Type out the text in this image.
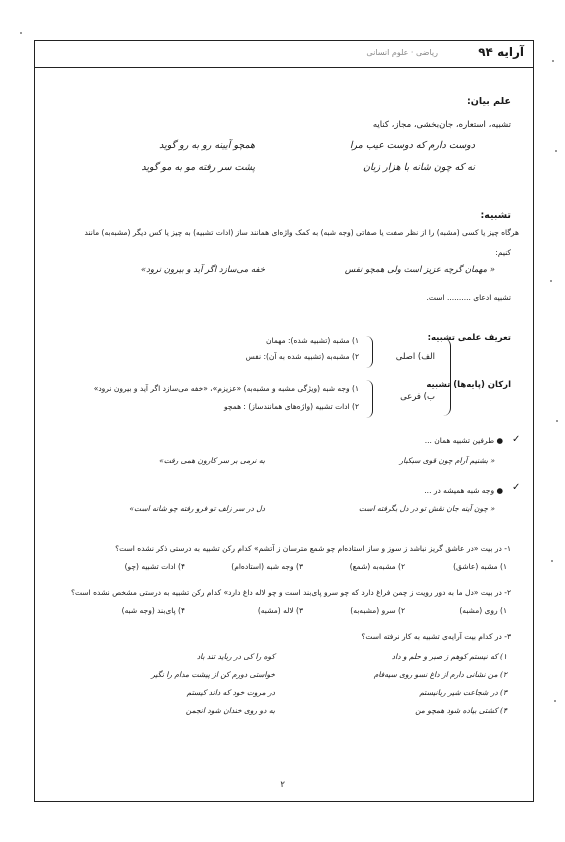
آرایه ۹۴
ریاضی · علوم انسانی
علم بیان:
تشبیه، استعاره، جان‌بخشی، مجاز، کنایه
دوست دارم که دوست عیب مرا
همچو آیینه رو به رو گوید
نه که چون شانه با هزار زبان
پشت سر رفته مو به مو گوید
تشبیه:
هرگاه چیز یا کسی (مشبه) را از نظر صفت یا صفاتی (وجه شبه) به کمک واژه‌ای همانند ساز (ادات تشبیه) به چیز یا کس دیگر (مشبه‌به) مانند
کنیم:
« مهمان گرچه عزیز است ولی همچو نفس
خفه می‌سازد اگر آید و بیرون نرود»
تشبیه ادعای .......... است.
تعریف علمی تشبیه:
ارکان (پایه‌ها) تشبیه
الف) اصلی
ب) فرعی
۱) مشبه (تشبیه شده): مهمان
۲) مشبه‌به (تشبیه شده به آن): نفس
۱) وجه شبه (ویژگی مشبه و مشبه‌به) «عزیزم»، «خفه می‌سازد اگر آید و بیرون نرود»
۲) ادات تشبیه (واژه‌های همانندساز) : همچو
✓
● طرفین تشبیه همان ...
« بشنیم آرام چون قوی سبکبار
به نرمی بر سر کارون همی رفت»
✓
● وجه شبه همیشه در ...
« چون آینه جان نقش تو در دل بگرفته است
دل در سر زلف تو فرو رفته چو شانه است»
۱- در بیت «در عاشق گریز نباشد ز سوز و ساز استاده‌ام چو شمع مترسان ز آتشم» کدام رکن تشبیه به درستی ذکر نشده است؟
۱) مشبه (عاشق)
۲) مشبه‌به (شمع)
۳) وجه شبه (استاده‌ام)
۴) ادات تشبیه (چو)
۲- در بیت «دل ما به دور رویت ز چمن فراغ دارد که چو سرو پای‌بند است و چو لاله داغ دارد» کدام رکن تشبیه به درستی مشخص نشده است؟
۱) روی (مشبه)
۲) سرو (مشبه‌به)
۳) لاله (مشبه)
۴) پای‌بند (وجه شبه)
۳- در کدام بیت آرایه‌ی تشبیه به کار نرفته است؟
۱) که نیستم کوهم ز صبر و حلم و داد
کوه را کی در رباید تند باد
۲) من نشانی دارم از داغ نسو روی سیه‌فام
خواستی دورم کن از پیشت مدام را نگیر
۳) در شجاعت شیر ربانیستم
در مروت خود که داند کیستم
۴) کشتی بیاده شود همچو من
به دو روی خندان شود انجمن
۲
